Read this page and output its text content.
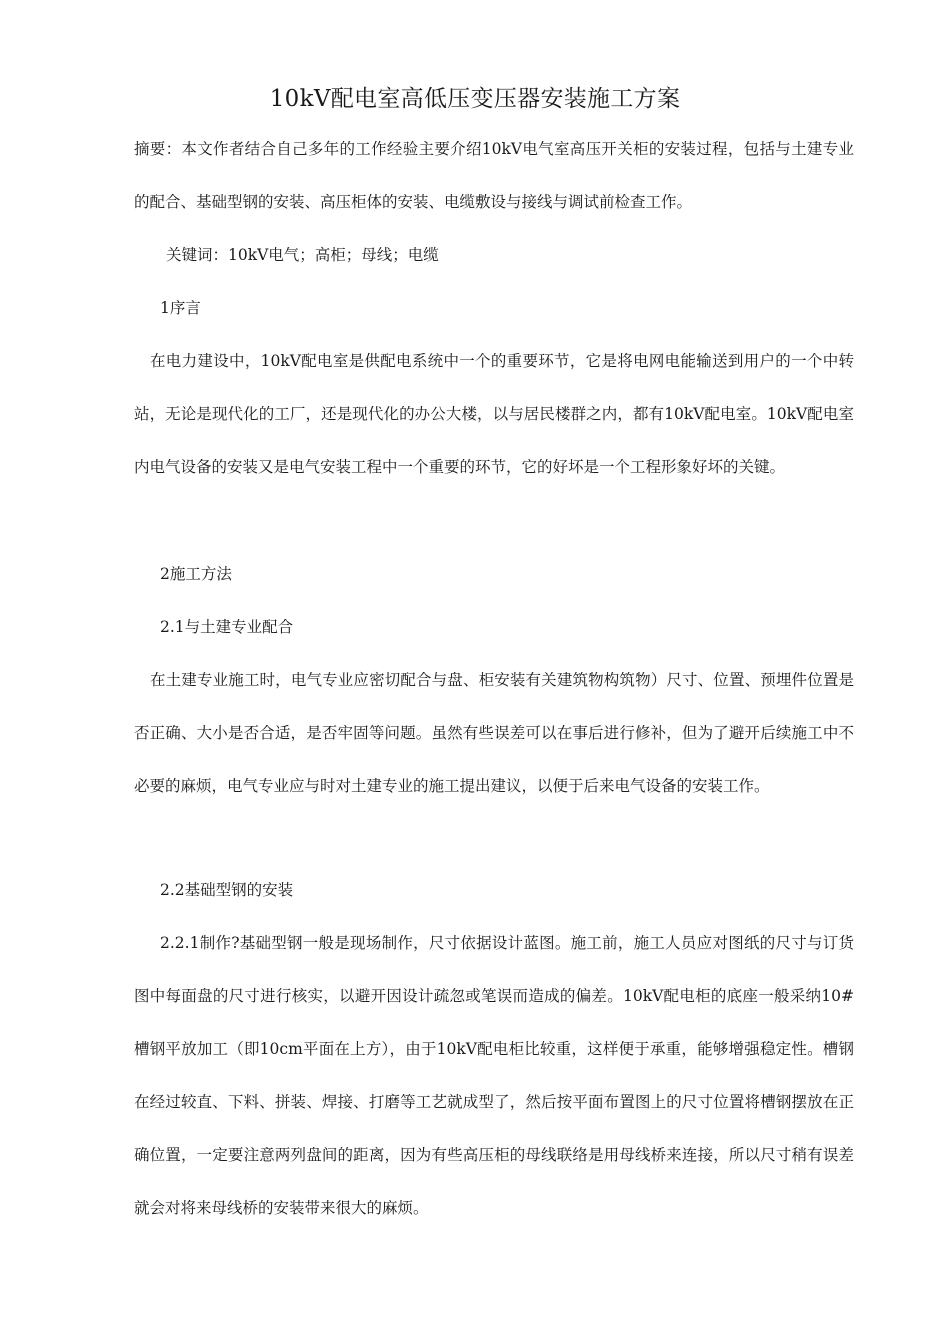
10kV配电室高低压变压器安装施工方案
摘要：本文作者结合自己多年的工作经验主要介绍10kV电气室高压开关柜的安装过程，包括与土建专业的配合、基础型钢的安装、高压柜体的安装、电缆敷设与接线与调试前检查工作。
关键词：10kV电气；高柜；母线；电缆
1序言
在电力建设中，10kV配电室是供配电系统中一个的重要环节，它是将电网电能输送到用户的一个中转站，无论是现代化的工厂，还是现代化的办公大楼，以与居民楼群之内，都有10kV配电室。10kV配电室内电气设备的安装又是电气安装工程中一个重要的环节，它的好坏是一个工程形象好坏的关键。
2施工方法
2.1与土建专业配合
在土建专业施工时，电气专业应密切配合与盘、柜安装有关建筑物构筑物）尺寸、位置、预埋件位置是否正确、大小是否合适，是否牢固等问题。虽然有些误差可以在事后进行修补，但为了避开后续施工中不必要的麻烦，电气专业应与时对土建专业的施工提出建议，以便于后来电气设备的安装工作。
2.2基础型钢的安装
2.2.1制作?基础型钢一般是现场制作，尺寸依据设计蓝图。施工前，施工人员应对图纸的尺寸与订货图中每面盘的尺寸进行核实，以避开因设计疏忽或笔误而造成的偏差。10kV配电柜的底座一般采纳10#槽钢平放加工（即10cm平面在上方），由于10kV配电柜比较重，这样便于承重，能够增强稳定性。槽钢在经过较直、下料、拼装、焊接、打磨等工艺就成型了，然后按平面布置图上的尺寸位置将槽钢摆放在正确位置，一定要注意两列盘间的距离，因为有些高压柜的母线联络是用母线桥来连接，所以尺寸稍有误差就会对将来母线桥的安装带来很大的麻烦。
